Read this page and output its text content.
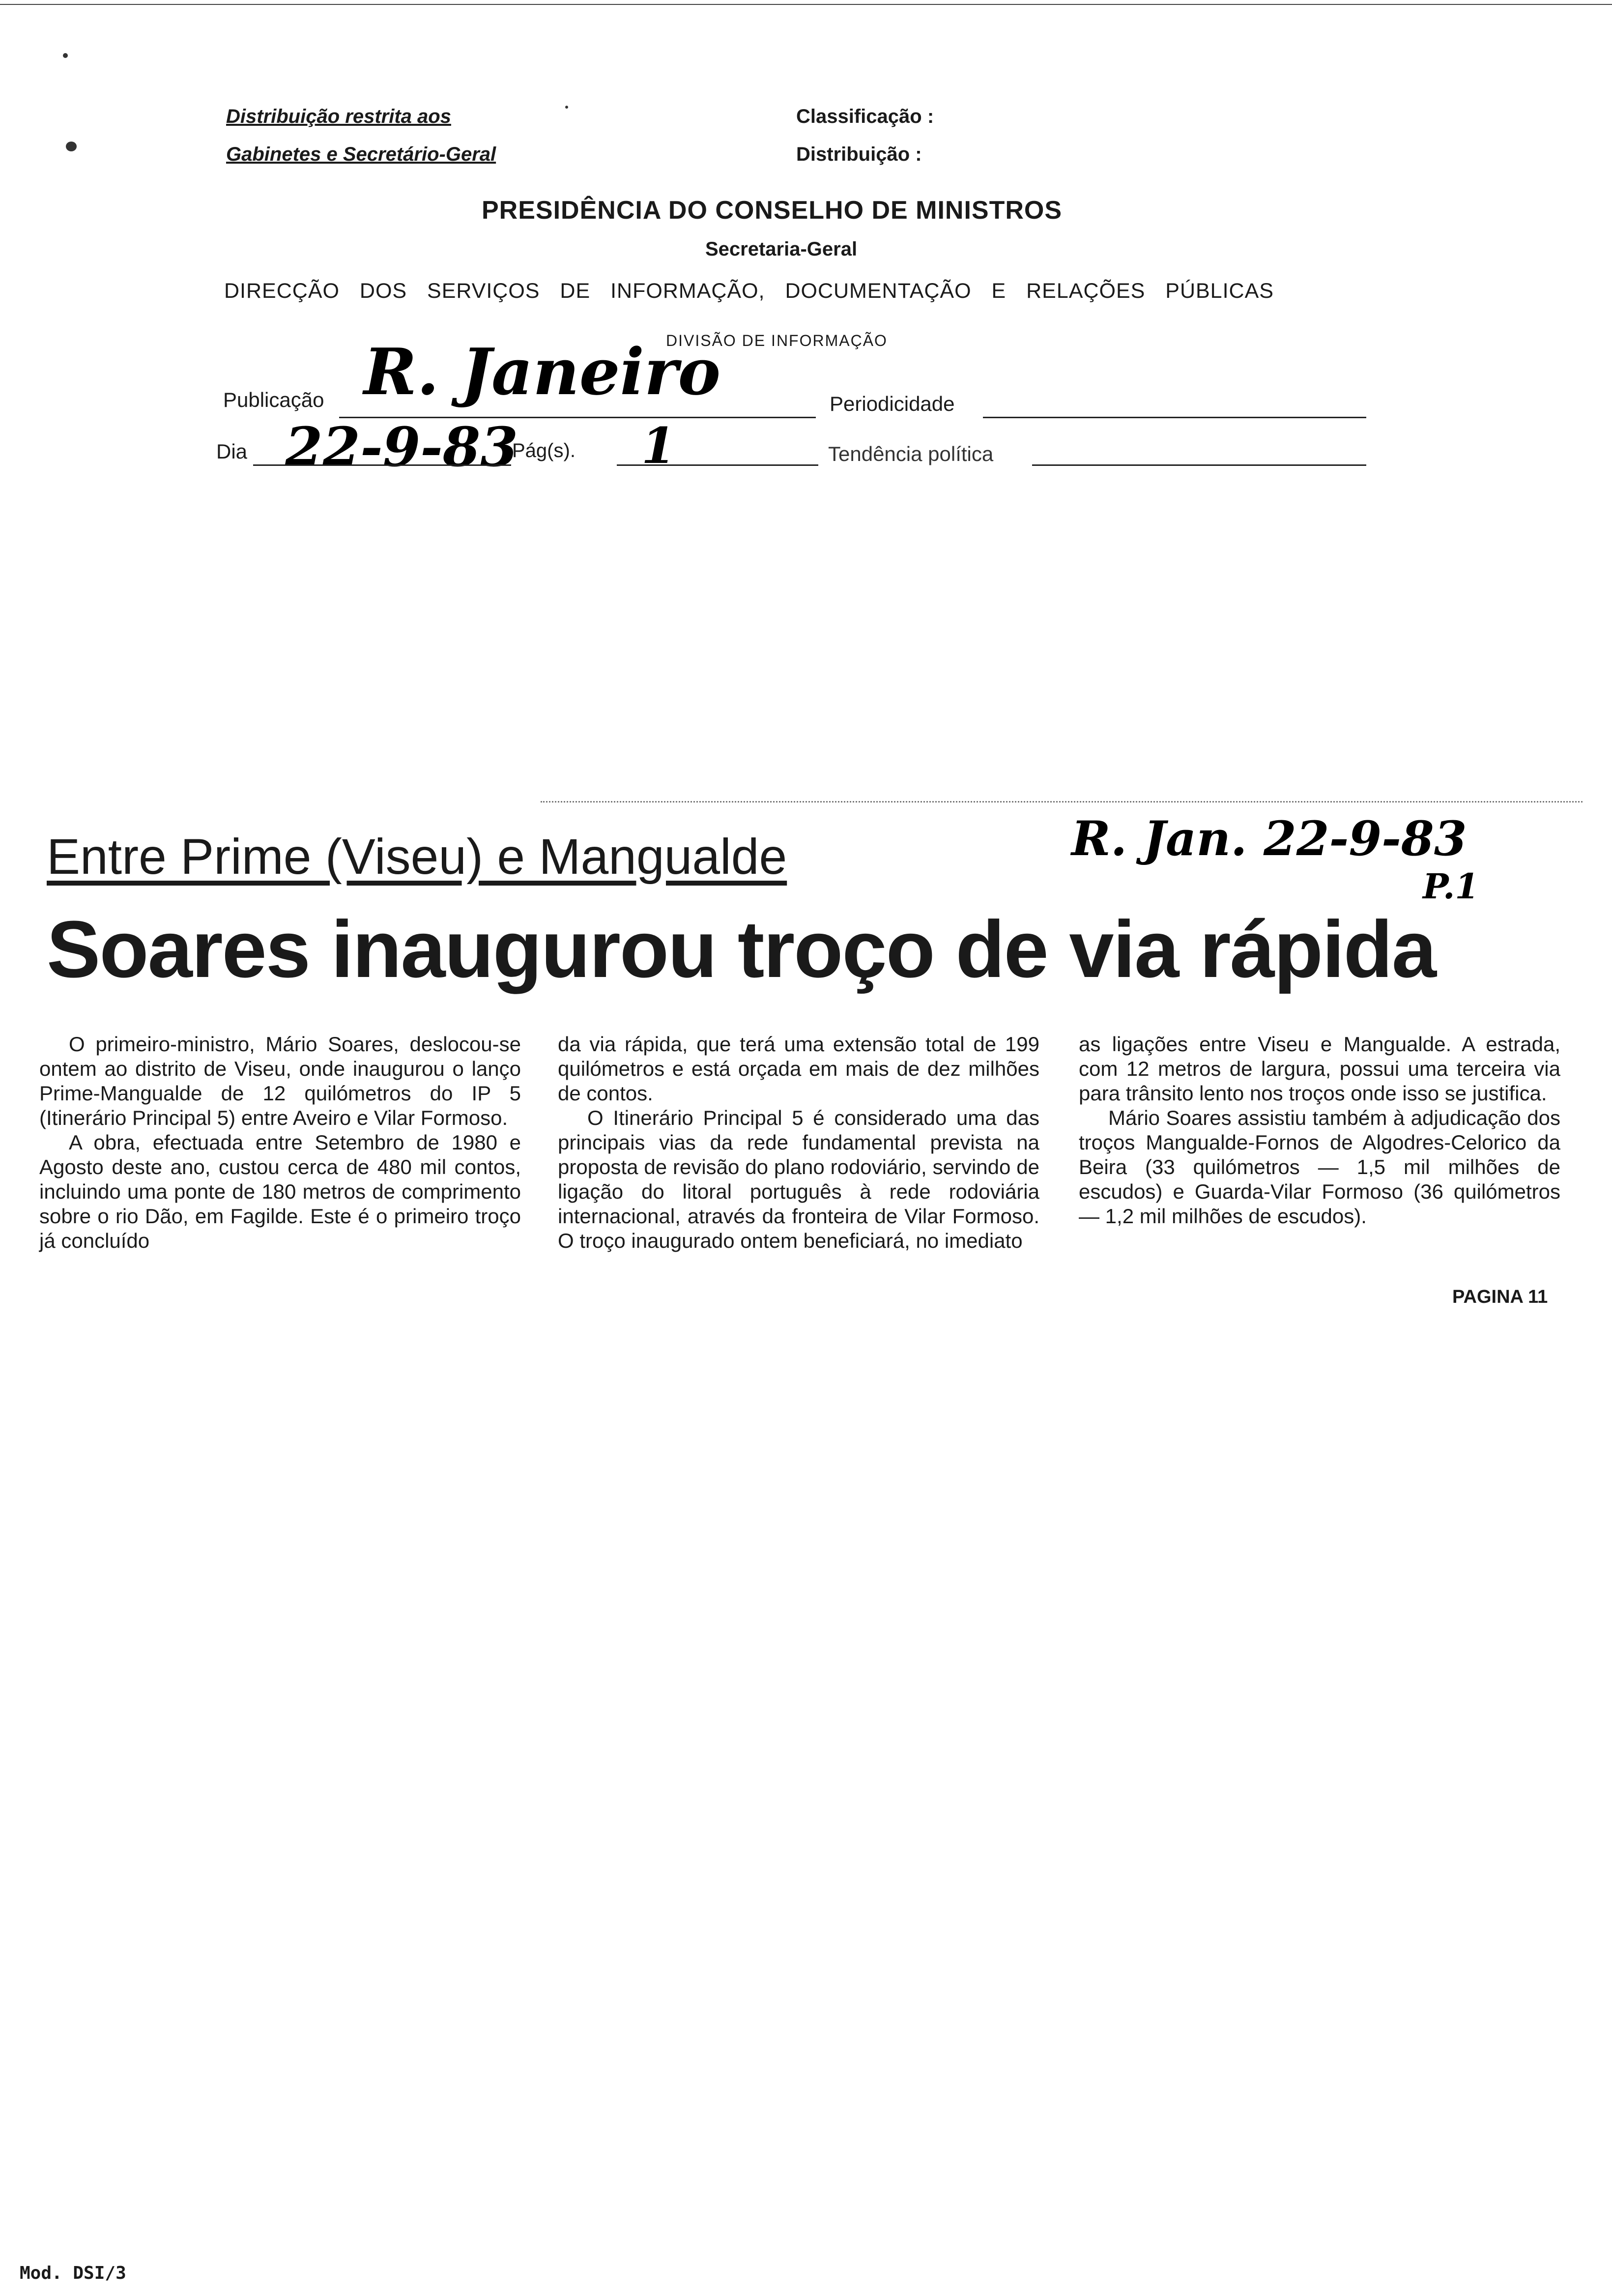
Distribuição restrita aos
Gabinetes e Secretário-Geral
Classificação :
Distribuição :
PRESIDÊNCIA DO CONSELHO DE MINISTROS
Secretaria-Geral
DIRECÇÃO DOS SERVIÇOS DE INFORMAÇÃO, DOCUMENTAÇÃO E RELAÇÕES PÚBLICAS
DIVISÃO DE INFORMAÇÃO
Publicação R. Janeiro	Periodicidade
Dia 22-9-83
Pág(s). 1	Tendência política
Entre Prime (Viseu) e Mangualde	R. Jan. 22-9-83
P.1
Soares inaugurou troço de via rápida

O primeiro-ministro, Mário Soares, deslocou-se ontem ao distrito de Viseu, onde inaugurou o lanço Prime-Mangualde de 12 quilómetros do IP 5 (Itinerário Principal 5) entre Aveiro e Vilar Formoso.

A obra, efectuada entre Setembro de 1980 e Agosto deste ano, custou cerca de 480 mil contos, incluindo uma ponte de 180 metros de comprimento sobre o rio Dão, em Fagilde. Este é o primeiro troço já concluído

da via rápida, que terá uma extensão total de 199 quilómetros e está orçada em mais de dez milhões de contos.

O Itinerário Principal 5 é considerado uma das principais vias da rede fundamental prevista na proposta de revisão do plano rodoviário, servindo de ligação do litoral português à rede rodoviária internacional, através da fronteira de Vilar Formoso. O troço inaugurado ontem beneficiará, no imediato

as ligações entre Viseu e Mangualde. A estrada, com 12 metros de largura, possui uma terceira via para trânsito lento nos troços onde isso se justifica.

Mário Soares assistiu também à adjudicação dos troços Mangualde-Fornos de Algodres-Celorico da Beira (33 quilómetros — 1,5 mil milhões de escudos) e Guarda-Vilar Formoso (36 quilómetros — 1,2 mil milhões de escudos).

PAGINA 11
Mod. DSI/3
